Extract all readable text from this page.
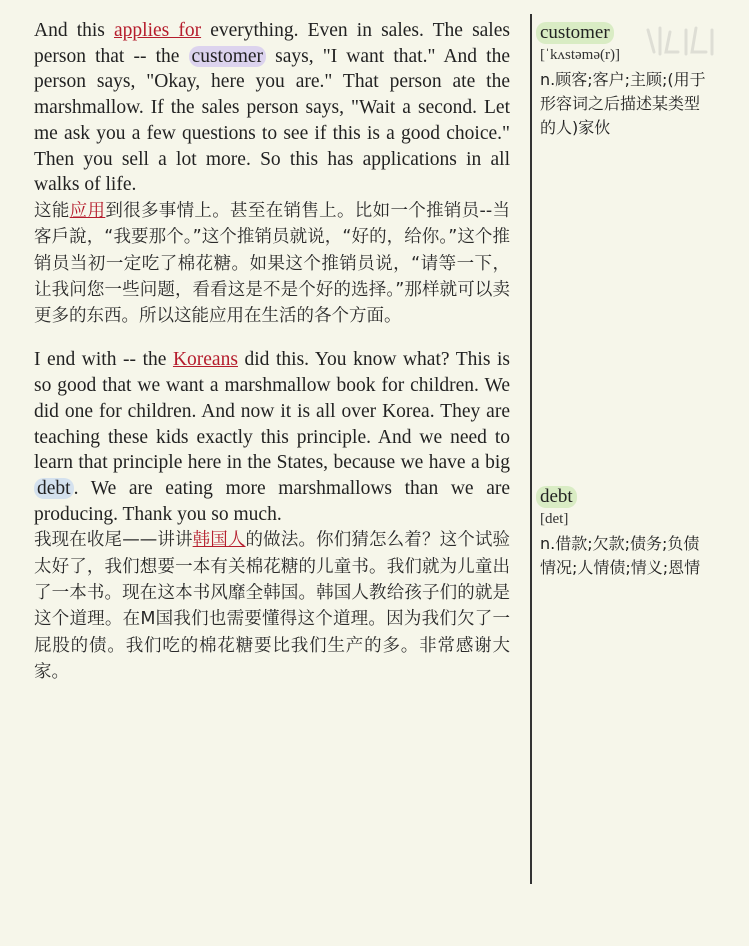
And this applies for everything. Even in sales. The sales person that -- the customer says, "I want that." And the person says, "Okay, here you are." That person ate the marshmallow. If the sales person says, "Wait a second. Let me ask you a few questions to see if this is a good choice." Then you sell a lot more. So this has applications in all walks of life.

这能应用到很多事情上。甚至在销售上。比如一个推销员--当客戶說，“我要那个。”这个推销员就说，“好的，给你。”这个推销员当初一定吃了棉花糖。如果这个推销员说，“请等一下，让我问您一些问题，看看这是不是个好的选择。”那样就可以卖更多的东西。所以这能应用在生活的各个方面。

I end with -- the Koreans did this. You know what? This is so good that we want a marshmallow book for children. We did one for children. And now it is all over Korea. They are teaching these kids exactly this principle. And we need to learn that principle here in the States, because we have a big debt . We are eating more marshmallows than we are producing. Thank you so much.

我现在收尾——讲讲韩国人的做法。你们猜怎么着？这个试验太好了，我们想要一本有关棉花糖的儿童书。我们就为儿童出了一本书。现在这本书风靡全韩国。韩国人教给孩子们的就是这个道理。在M国我们也需要懂得这个道理。因为我们欠了一屁股的债。我们吃的棉花糖要比我们生产的多。非常感谢大家。

customer
[ˈkʌstəmə(r)]
n.顾客;客户;主顾;(用于形容词之后描述某类型的人)家伙
debt
[det]
n.借款;欠款;债务;负债情况;人情债;情义;恩情
